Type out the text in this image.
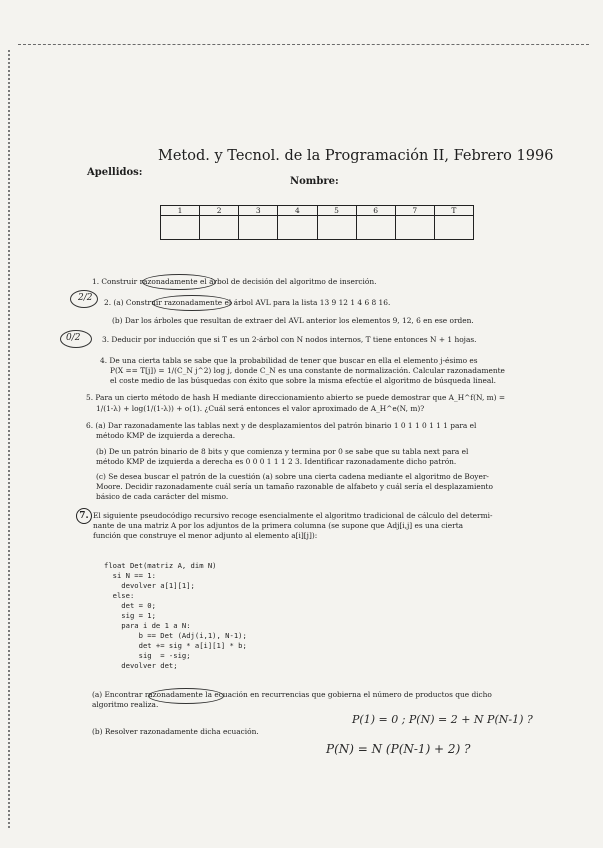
Metod. y Tecnol. de la Programación II, Febrero 1996
Apellidos:
Nombre:
1	2	3	4	5	6	7	T

1. Construir razonadamente el árbol de decisión del algoritmo de inserción.
2. (a) Construir razonadamente el árbol AVL para la lista 13 9 12 1 4 6 8 16.
(b) Dar los árboles que resultan de extraer del AVL anterior los elementos 9, 12, 6 en ese orden.
3. Deducir por inducción que si T es un 2-árbol con N nodos internos, T tiene entonces N + 1 hojas.
4. De una cierta tabla se sabe que la probabilidad de tener que buscar en ella el elemento j-ésimo es
P(X == T[j]) = 1/(C_N j^2) log j, donde C_N es una constante de normalización. Calcular razonadamente
el coste medio de las búsquedas con éxito que sobre la misma efectúe el algoritmo de búsqueda lineal.
5. Para un cierto método de hash H mediante direccionamiento abierto se puede demostrar que A_H^f(N, m) =
1/(1-λ) + log(1/(1-λ)) + o(1). ¿Cuál será entonces el valor aproximado de A_H^e(N, m)?
6. (a) Dar razonadamente las tablas next y de desplazamientos del patrón binario 1 0 1 1 0 1 1 1 para el
método KMP de izquierda a derecha.
(b) De un patrón binario de 8 bits y que comienza y termina por 0 se sabe que su tabla next para el
método KMP de izquierda a derecha es 0 0 0 1 1 1 2 3. Identificar razonadamente dicho patrón.
(c) Se desea buscar el patrón de la cuestión (a) sobre una cierta cadena mediante el algoritmo de Boyer-
Moore. Decidir razonadamente cuál sería un tamaño razonable de alfabeto y cuál sería el desplazamiento
básico de cada carácter del mismo.
7. El siguiente pseudocódigo recursivo recoge esencialmente el algoritmo tradicional de cálculo del determi-
nante de una matriz A por los adjuntos de la primera columna (se supone que Adj[i,j] es una cierta
función que construye el menor adjunto al elemento a[i][j]):
float Det(matriz A, dim N)
si N == 1:
devolver a[1][1];
else:
det = 0;
sig = 1;
para i de 1 a N:
b == Det (Adj(i,1), N-1);
det += sig * a[i][1] * b;
sig  = -sig;
devolver det;
(a) Encontrar razonadamente la ecuación en recurrencias que gobierna el número de productos que dicho
algoritmo realiza.
(b) Resolver razonadamente dicha ecuación.
P(1) = 0 ; P(N) = 2 + N P(N-1) ?
P(N) = N (P(N-1) + 2) ?
2/2
0/2
